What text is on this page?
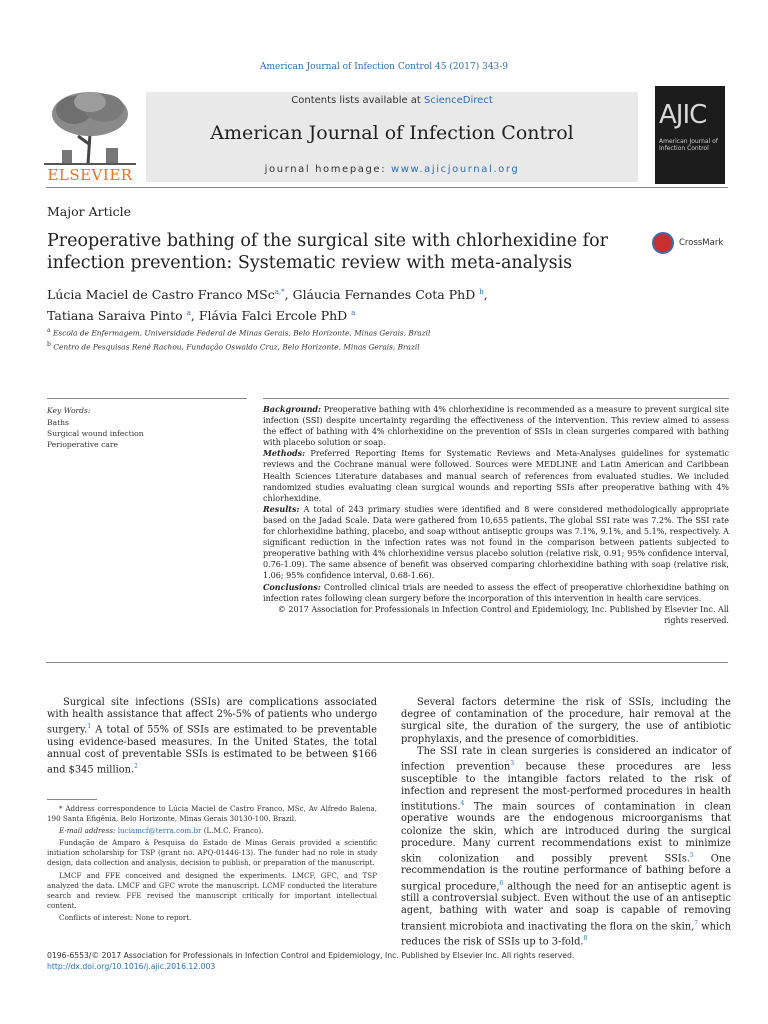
American Journal of Infection Control 45 (2017) 343-9
ELSEVIER
Contents lists available at ScienceDirect
American Journal of Infection Control
journal homepage: www.ajicjournal.org
AJIC
American Journal of Infection Control
Major Article
Preoperative bathing of the surgical site with chlorhexidine for infection prevention: Systematic review with meta-analysis
CrossMark
Lúcia Maciel de Castro Franco MSc$^{a,*}$, Gláucia Fernandes Cota PhD $^b$,
Tatiana Saraiva Pinto $^a$, Flávia Falci Ercole PhD $^a$
$^a$ Escola de Enfermagem, Universidade Federal de Minas Gerais, Belo Horizonte, Minas Gerais, Brazil
$^b$ Centro de Pesquisas René Rachou, Fundação Oswaldo Cruz, Belo Horizonte, Minas Gerais, Brazil
Key Words:
Baths
Surgical wound infection
Perioperative care

Background: Preoperative bathing with 4% chlorhexidine is recommended as a measure to prevent surgical site infection (SSI) despite uncertainty regarding the effectiveness of the intervention. This review aimed to assess the effect of bathing with 4% chlorhexidine on the prevention of SSIs in clean surgeries compared with bathing with placebo solution or soap.

Methods: Preferred Reporting Items for Systematic Reviews and Meta-Analyses guidelines for systematic reviews and the Cochrane manual were followed. Sources were MEDLINE and Latin American and Caribbean Health Sciences Literature databases and manual search of references from evaluated studies. We included randomized studies evaluating clean surgical wounds and reporting SSIs after preoperative bathing with 4% chlorhexidine.

Results: A total of 243 primary studies were identified and 8 were considered methodologically appropriate based on the Jadad Scale. Data were gathered from 10,655 patients. The global SSI rate was 7.2%. The SSI rate for chlorhexidine bathing, placebo, and soap without antiseptic groups was 7.1%, 9.1%, and 5.1%, respectively. A significant reduction in the infection rates was not found in the comparison between patients subjected to preoperative bathing with 4% chlorhexidine versus placebo solution (relative risk, 0.91; 95% confidence interval, 0.76-1.09). The same absence of benefit was observed comparing chlorhexidine bathing with soap (relative risk, 1.06; 95% confidence interval, 0.68-1.66).

Conclusions: Controlled clinical trials are needed to assess the effect of preoperative chlorhexidine bathing on infection rates following clean surgery before the incorporation of this intervention in health care services.

© 2017 Association for Professionals in Infection Control and Epidemiology, Inc. Published by Elsevier Inc. All rights reserved.

Surgical site infections (SSIs) are complications associated with health assistance that affect 2%-5% of patients who undergo surgery.$^1$ A total of 55% of SSIs are estimated to be preventable using evidence-based measures. In the United States, the total annual cost of preventable SSIs is estimated to be between $166 and $345 million.$^2$

Several factors determine the risk of SSIs, including the degree of contamination of the procedure, hair removal at the surgical site, the duration of the surgery, the use of antibiotic prophylaxis, and the presence of comorbidities.

The SSI rate in clean surgeries is considered an indicator of infection prevention$^3$ because these procedures are less susceptible to the intangible factors related to the risk of infection and represent the most-performed procedures in health institutions.$^4$ The main sources of contamination in clean operative wounds are the endogenous microorganisms that colonize the skin, which are introduced during the surgical procedure. Many current recommendations exist to minimize skin colonization and possibly prevent SSIs.$^5$ One recommendation is the routine performance of bathing before a surgical procedure,$^6$ although the need for an antiseptic agent is still a controversial subject. Even without the use of an antiseptic agent, bathing with water and soap is capable of removing transient microbiota and inactivating the flora on the skin,$^7$ which reduces the risk of SSIs up to 3-fold.$^8$

* Address correspondence to Lúcia Maciel de Castro Franco, MSc, Av Alfredo Balena, 190 Santa Efigênia, Belo Horizonte, Minas Gerais 30130-100, Brazil.

E-mail address: luciamcf@terra.com.br (L.M.C. Franco).

Fundação de Amparo à Pesquisa do Estado de Minas Gerais provided a scientific initiation scholarship for TSP (grant no. APQ-01446-13). The funder had no role in study design, data collection and analysis, decision to publish, or preparation of the manuscript.

LMCF and FFE conceived and designed the experiments. LMCF, GFC, and TSP analyzed the data. LMCF and GFC wrote the manuscript. LCMF conducted the literature search and review. FFE revised the manuscript critically for important intellectual content.

Conflicts of interest: None to report.

0196-6553/© 2017 Association for Professionals in Infection Control and Epidemiology, Inc. Published by Elsevier Inc. All rights reserved.
http://dx.doi.org/10.1016/j.ajic.2016.12.003
